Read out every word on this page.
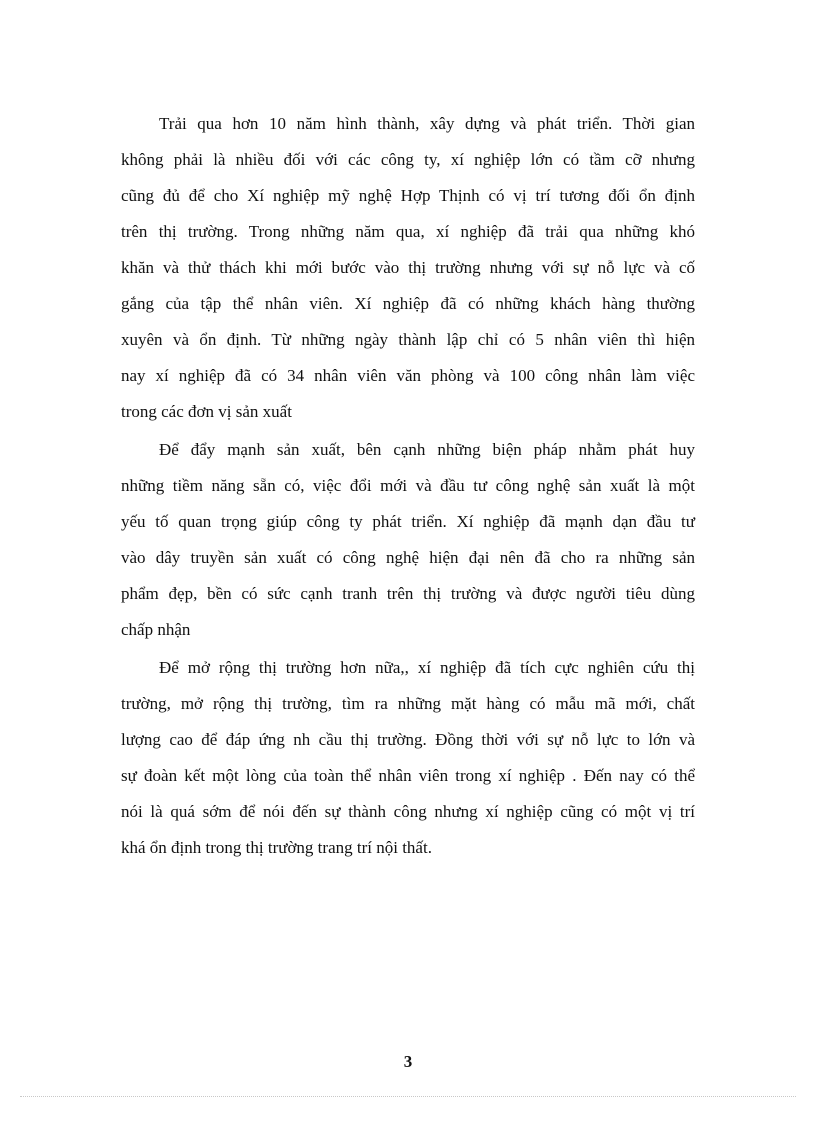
Trải qua hơn 10 năm hình thành, xây dựng và phát triển. Thời gian
không phải là nhiều đối với các công ty, xí nghiệp lớn có tầm cỡ nhưng
cũng đủ để cho Xí nghiệp mỹ nghệ Hợp Thịnh có vị trí tương đối ổn định
trên thị trường. Trong những năm qua, xí nghiệp đã trải qua những khó
khăn và thử thách khi mới bước vào thị trường nhưng với sự nỗ lực và cố
gắng của tập thể nhân viên. Xí nghiệp đã có những khách hàng thường
xuyên và ổn định. Từ những ngày thành lập chỉ có 5 nhân viên thì hiện
nay xí nghiệp đã có 34 nhân viên văn phòng và 100 công nhân làm việc
trong các đơn vị sản xuất
Để đẩy mạnh sản xuất, bên cạnh những biện pháp nhằm phát huy
những tiềm năng sẵn có, việc đổi mới và đầu tư công nghệ sản xuất là một
yếu tố quan trọng giúp công ty phát triển. Xí nghiệp đã mạnh dạn đầu tư
vào dây truyền sản xuất có công nghệ hiện đại nên đã cho ra những sản
phẩm đẹp, bền có sức cạnh tranh trên thị trường và được người tiêu dùng
chấp nhận
Để mở rộng thị trường hơn nữa,, xí nghiệp đã tích cực nghiên cứu thị
trường, mở rộng thị trường, tìm ra những mặt hàng có mẫu mã mới, chất
lượng cao để đáp ứng nh cầu thị trường. Đồng thời với sự nỗ lực to lớn và
sự đoàn kết một lòng của toàn thể nhân viên trong xí nghiệp . Đến nay có thể
nói là quá sớm để nói đến sự thành công nhưng xí nghiệp cũng có một vị trí
khá ổn định trong thị trường trang trí nội thất.
3
